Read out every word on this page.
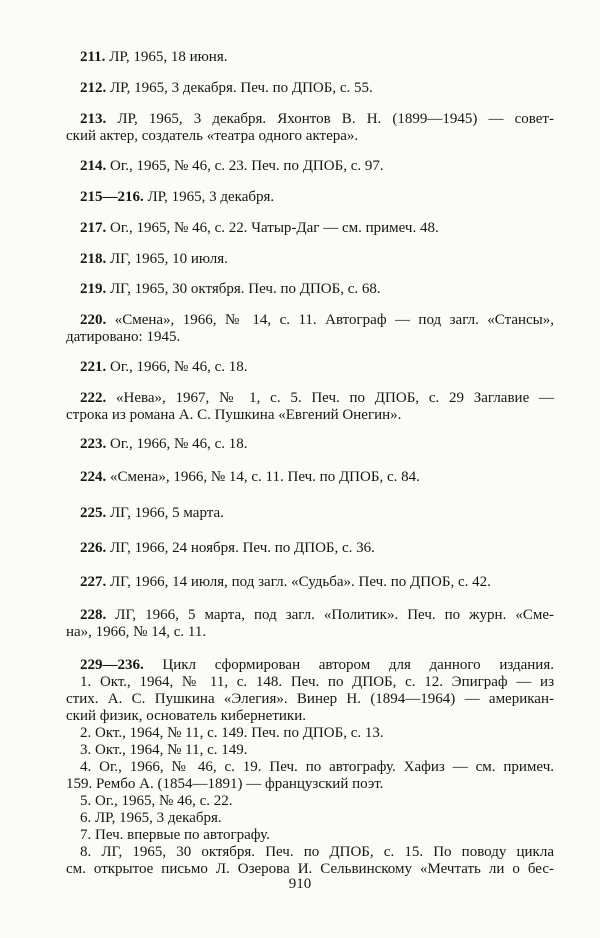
211. ЛР, 1965, 18 июня.
212. ЛР, 1965, 3 декабря. Печ. по ДПОБ, с. 55.
213. ЛР, 1965, 3 декабря. Яхонтов В. Н. (1899—1945) — совет-
ский актер, создатель «театра одного актера».
214. Ог., 1965, № 46, с. 23. Печ. по ДПОБ, с. 97.
215—216. ЛР, 1965, 3 декабря.
217. Ог., 1965, № 46, с. 22. Чатыр-Даг — см. примеч. 48.
218. ЛГ, 1965, 10 июля.
219. ЛГ, 1965, 30 октября. Печ. по ДПОБ, с. 68.
220. «Смена», 1966, № 14, с. 11. Автограф — под загл. «Стансы»,
датировано: 1945.
221. Ог., 1966, № 46, с. 18.
222. «Нева», 1967, № 1, с. 5. Печ. по ДПОБ, с. 29 Заглавие —
строка из романа А. С. Пушкина «Евгений Онегин».
223. Ог., 1966, № 46, с. 18.
224. «Смена», 1966, № 14, с. 11. Печ. по ДПОБ, с. 84.
225. ЛГ, 1966, 5 марта.
226. ЛГ, 1966, 24 ноября. Печ. по ДПОБ, с. 36.
227. ЛГ, 1966, 14 июля, под загл. «Судьба». Печ. по ДПОБ, с. 42.
228. ЛГ, 1966, 5 марта, под загл. «Политик». Печ. по журн. «Сме-
на», 1966, № 14, с. 11.
229—236. Цикл сформирован автором для данного издания.
1. Окт., 1964, № 11, с. 148. Печ. по ДПОБ, с. 12. Эпиграф — из
стих. А. С. Пушкина «Элегия». Винер Н. (1894—1964) — американ-
ский физик, основатель кибернетики.
2. Окт., 1964, № 11, с. 149. Печ. по ДПОБ, с. 13.
3. Окт., 1964, № 11, с. 149.
4. Ог., 1966, № 46, с. 19. Печ. по автографу. Хафиз — см. примеч.
159. Рембо А. (1854—1891) — французский поэт.
5. Ог., 1965, № 46, с. 22.
6. ЛР, 1965, 3 декабря.
7. Печ. впервые по автографу.
8. ЛГ, 1965, 30 октября. Печ. по ДПОБ, с. 15. По поводу цикла
см. открытое письмо Л. Озерова И. Сельвинскому «Мечтать ли о бес-
910
